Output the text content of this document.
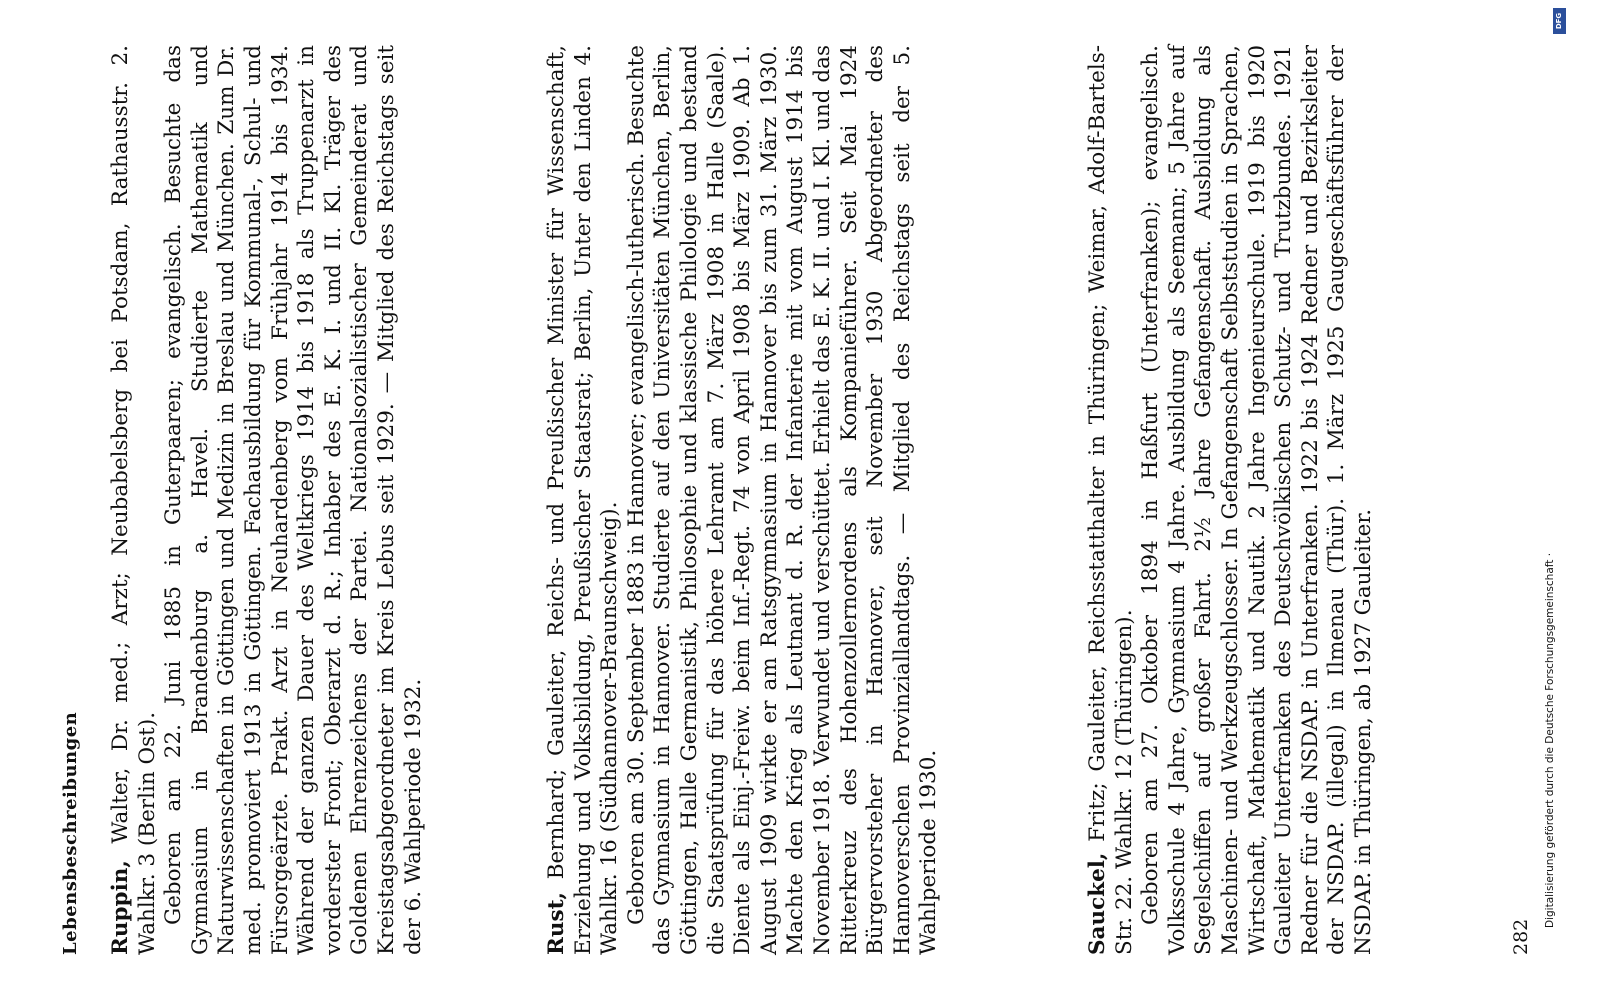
Lebensbeschreibungen Ruppin, Walter, Dr. med.; Arzt; Neubabelsberg bei Potsdam, Rathausstr. 2. Wahlkr. 3 (Berlin Ost). Geboren am 22. Juni 1885 in Guterpaaren; evangelisch. Besuchte das Gymnasium in Brandenburg a. Havel. Studierte Mathematik und Naturwissenschaften in Göttingen und Medizin in Breslau und München. Zum Dr. med. promoviert 1913 in Göttingen. Fachausbildung für Kommunal-, Schul- und Fürsorgeärzte. Prakt. Arzt in Neuhardenberg vom Frühjahr 1914 bis 1934. Während der ganzen Dauer des Weltkriegs 1914 bis 1918 als Truppenarzt in vorderster Front; Oberarzt d. R.; Inhaber des E. K. I. und II. Kl. Träger des Goldenen Ehrenzeichens der Partei. Nationalsozialistischer Gemeinderat und Kreistagsabgeordneter im Kreis Lebus seit 1929. — Mitglied des Reichstags seit der 6. Wahlperiode 1932.	Rust, Bernhard; Gauleiter, Reichs- und Preußischer Minister für Wissenschaft, Erziehung und Volksbildung, Preußischer Staatsrat; Berlin, Unter den Linden 4. Wahlkr. 16 (Südhannover-Braunschweig). Geboren am 30. September 1883 in Hannover; evangelisch-lutherisch. Besuchte das Gymnasium in Hannover. Studierte auf den Universitäten München, Berlin, Göttingen, Halle Germanistik, Philosophie und klassische Philologie und bestand die Staatsprüfung für das höhere Lehramt am 7. März 1908 in Halle (Saale). Diente als Einj.-Freiw. beim Inf.-Regt. 74 von April 1908 bis März 1909. Ab 1. August 1909 wirkte er am Ratsgymnasium in Hannover bis zum 31. März 1930. Machte den Krieg als Leutnant d. R. der Infanterie mit vom August 1914 bis November 1918. Verwundet und verschüttet. Erhielt das E. K. II. und I. Kl. und das Ritterkreuz des Hohenzollernordens als Kompanieführer. Seit Mai 1924 Bürgervorsteher in Hannover, seit November 1930 Abgeordneter des Hannoverschen Provinziallandtags. — Mitglied des Reichstags seit der 5. Wahlperiode 1930.	Sauckel, Fritz; Gauleiter, Reichsstatthalter in Thüringen; Weimar, Adolf-Bartels-Str. 22. Wahlkr. 12 (Thüringen). Geboren am 27. Oktober 1894 in Haßfurt (Unterfranken); evangelisch. Volksschule 4 Jahre, Gymnasium 4 Jahre. Ausbildung als Seemann; 5 Jahre auf Segelschiffen auf großer Fahrt. 2½ Jahre Gefangenschaft. Ausbildung als Maschinen- und Werkzeugschlosser. In Gefangenschaft Selbststudien in Sprachen, Wirtschaft, Mathematik und Nautik. 2 Jahre Ingenieurschule. 1919 bis 1920 Gauleiter Unterfranken des Deutschvölkischen Schutz- und Trutzbundes. 1921 Redner für die NSDAP. in Unterfranken. 1922 bis 1924 Redner und Bezirksleiter der NSDAP. (illegal) in Ilmenau (Thür). 1. März 1925 Gaugeschäftsführer der NSDAP. in Thüringen, ab 1927 Gauleiter.	282
Digitalisierung gefördert durch die Deutsche Forschungsgemeinschaft ·
DFG
